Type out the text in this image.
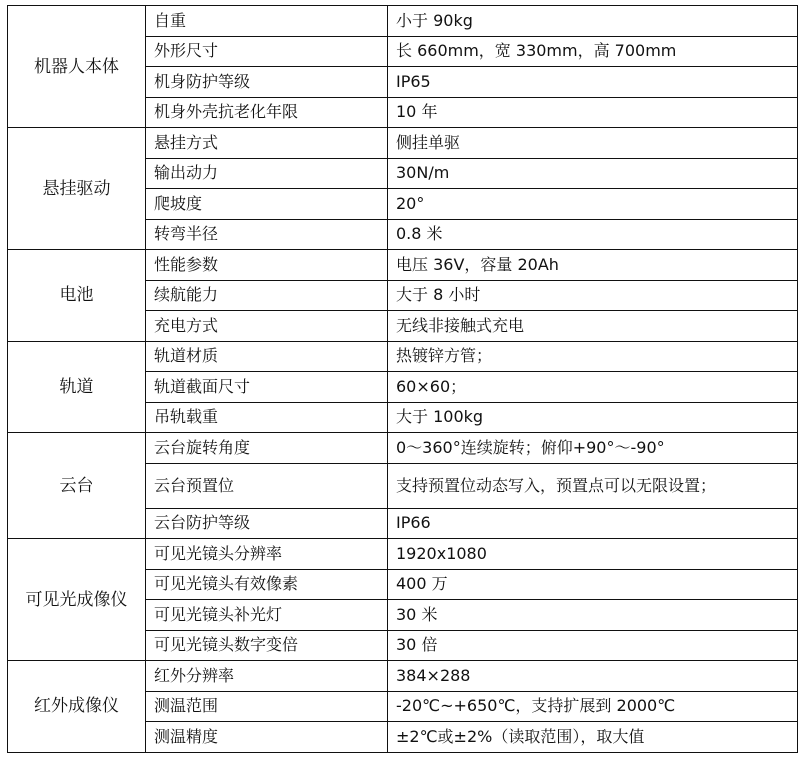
机器人本体	自重	小于 90kg
	外形尺寸	长 660mm，宽 330mm，高 700mm
	机身防护等级	IP65
	机身外壳抗老化年限	10 年
悬挂驱动	悬挂方式	侧挂单驱
	输出动力	30N/m
	爬坡度	20°
	转弯半径	0.8 米
电池	性能参数	电压 36V，容量 20Ah
	续航能力	大于 8 小时
	充电方式	无线非接触式充电
轨道	轨道材质	热镀锌方管；
	轨道截面尺寸	60×60；
	吊轨载重	大于 100kg
云台	云台旋转角度	0～360°连续旋转；俯仰+90°～-90°
	云台预置位	支持预置位动态写入，预置点可以无限设置；
	云台防护等级	IP66
可见光成像仪	可见光镜头分辨率	1920x1080
	可见光镜头有效像素	400 万
	可见光镜头补光灯	30 米
	可见光镜头数字变倍	30 倍
红外成像仪	红外分辨率	384×288
	测温范围	-20℃~+650℃，支持扩展到 2000℃
	测温精度	±2℃或±2%（读取范围），取大值
